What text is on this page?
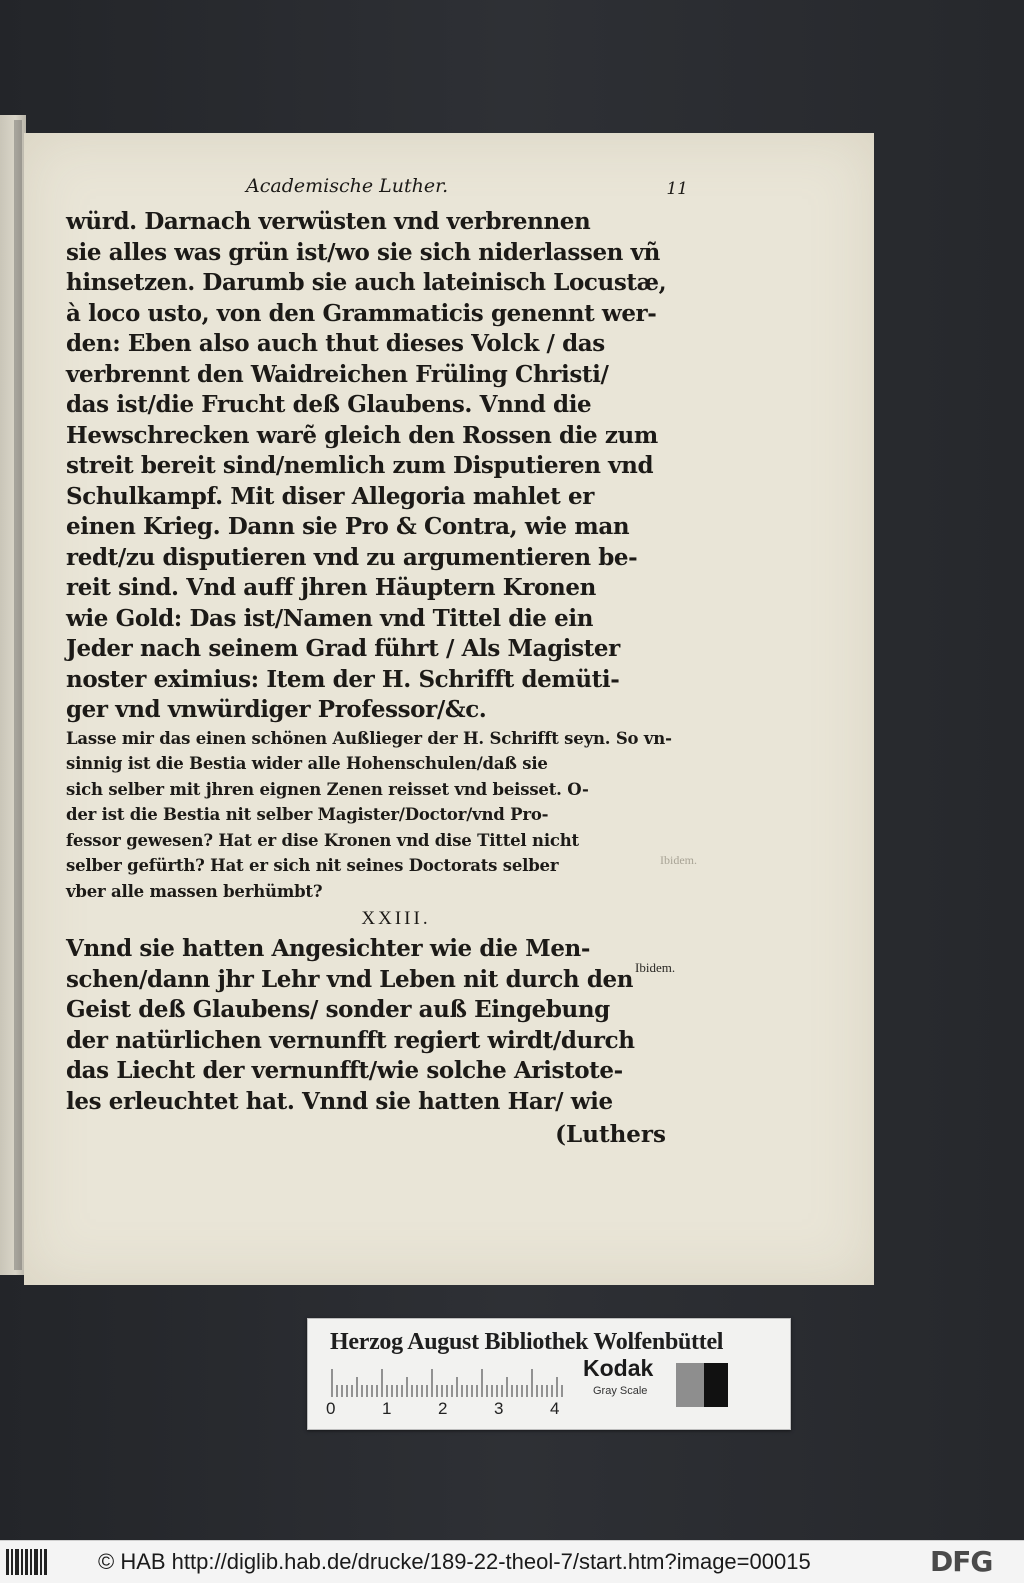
Academische Luther.	11
würd. Darnach verwüsten vnd verbrennen
sie alles was grün ist/wo sie sich niderlassen vñ
hinsetzen. Darumb sie auch lateinisch Locustæ,
à loco usto, von den Grammaticis genennt wer-
den: Eben also auch thut dieses Volck / das
verbrennt den Waidreichen Früling Christi/
das ist/die Frucht deß Glaubens. Vnnd die
Hewschrecken warẽ gleich den Rossen die zum
streit bereit sind/nemlich zum Disputieren vnd
Schulkampf. Mit diser Allegoria mahlet er
einen Krieg. Dann sie Pro & Contra, wie man
redt/zu disputieren vnd zu argumentieren be-
reit sind. Vnd auff jhren Häuptern Kronen
wie Gold: Das ist/Namen vnd Tittel die ein
Jeder nach seinem Grad führt / Als Magister
noster eximius: Item der H. Schrifft demüti-
ger vnd vnwürdiger Professor/&c.
Lasse mir das einen schönen Außlieger der H. Schrifft seyn. So vn-
sinnig ist die Bestia wider alle Hohenschulen/daß sie
sich selber mit jhren eignen Zenen reisset vnd beisset. O-
der ist die Bestia nit selber Magister/Doctor/vnd Pro-
fessor gewesen? Hat er dise Kronen vnd dise Tittel nicht
selber gefürth? Hat er sich nit seines Doctorats selber
vber alle massen berhümbt?
XXIII.
Vnnd sie hatten Angesichter wie die Men-
schen/dann jhr Lehr vnd Leben nit durch den
Geist deß Glaubens/ sonder auß Eingebung
der natürlichen vernunfft regiert wirdt/durch
das Liecht der vernunfft/wie solche Aristote-
les erleuchtet hat. Vnnd sie hatten Har/ wie
(Luthers
Ibidem.
Ibidem.
Herzog August Bibliothek Wolfenbüttel
0	1	2	3	4
Kodak
Gray Scale
© HAB http://diglib.hab.de/drucke/189-22-theol-7/start.htm?image=00015	DFG
